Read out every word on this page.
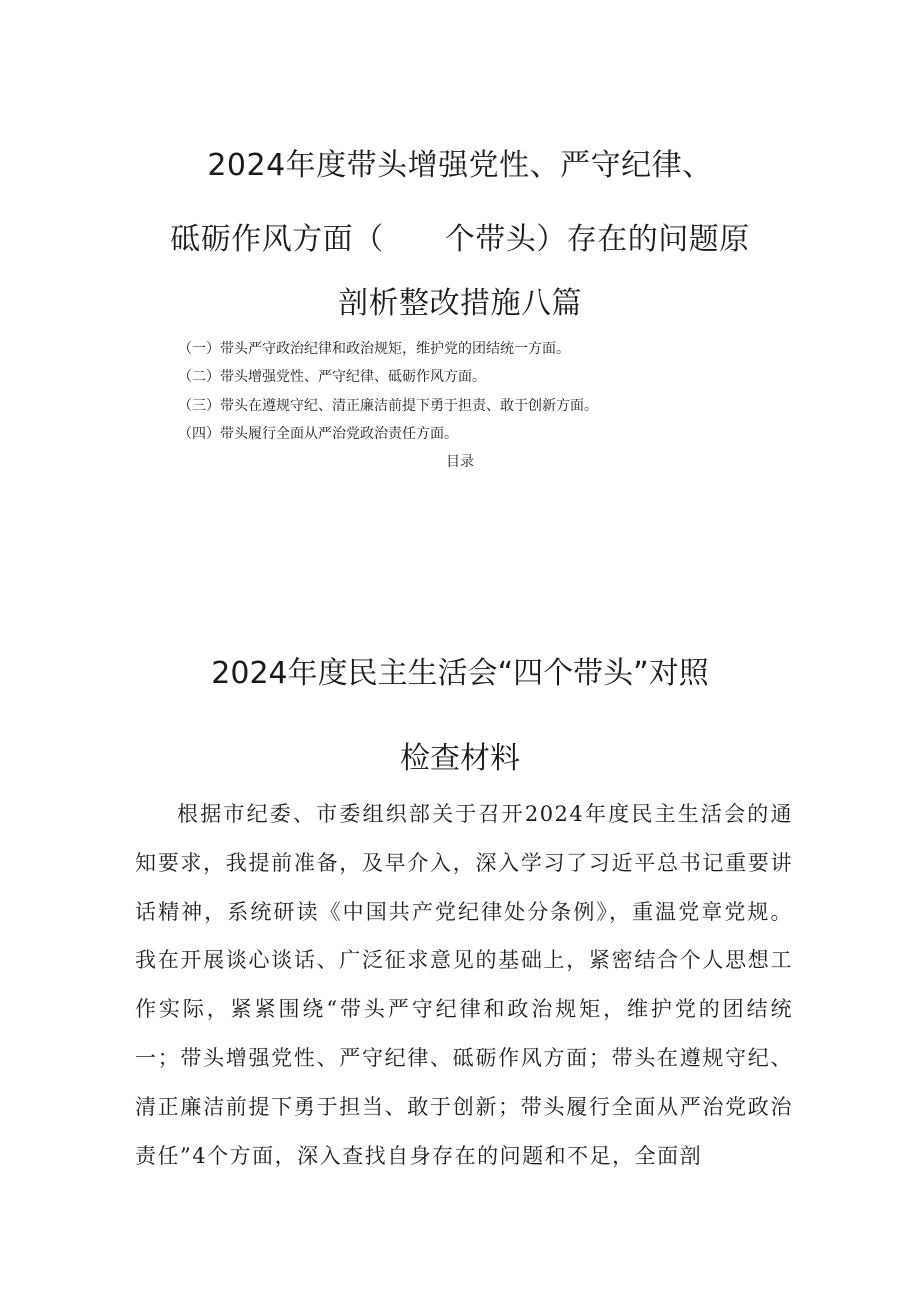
2024年度带头增强党性、严守纪律、
砥砺作风方面（　　个带头）存在的问题原
剖析整改措施八篇

（一）带头严守政治纪律和政治规矩，维护党的团结统一方面。

（二）带头增强党性、严守纪律、砥砺作风方面。

（三）带头在遵规守纪、清正廉洁前提下勇于担责、敢于创新方面。

（四）带头履行全面从严治党政治责任方面。

目录

2024年度民主生活会“四个带头”对照
检查材料

根据市纪委、市委组织部关于召开2024年度民主生活会的通知要求，我提前准备，及早介入，深入学习了习近平总书记重要讲话精神，系统研读《中国共产党纪律处分条例》，重温党章党规。我在开展谈心谈话、广泛征求意见的基础上，紧密结合个人思想工作实际，紧紧围绕“带头严守纪律和政治规矩，维护党的团结统一；带头增强党性、严守纪律、砥砺作风方面；带头在遵规守纪、清正廉洁前提下勇于担当、敢于创新；带头履行全面从严治党政治责任”4个方面，深入查找自身存在的问题和不足，全面剖
